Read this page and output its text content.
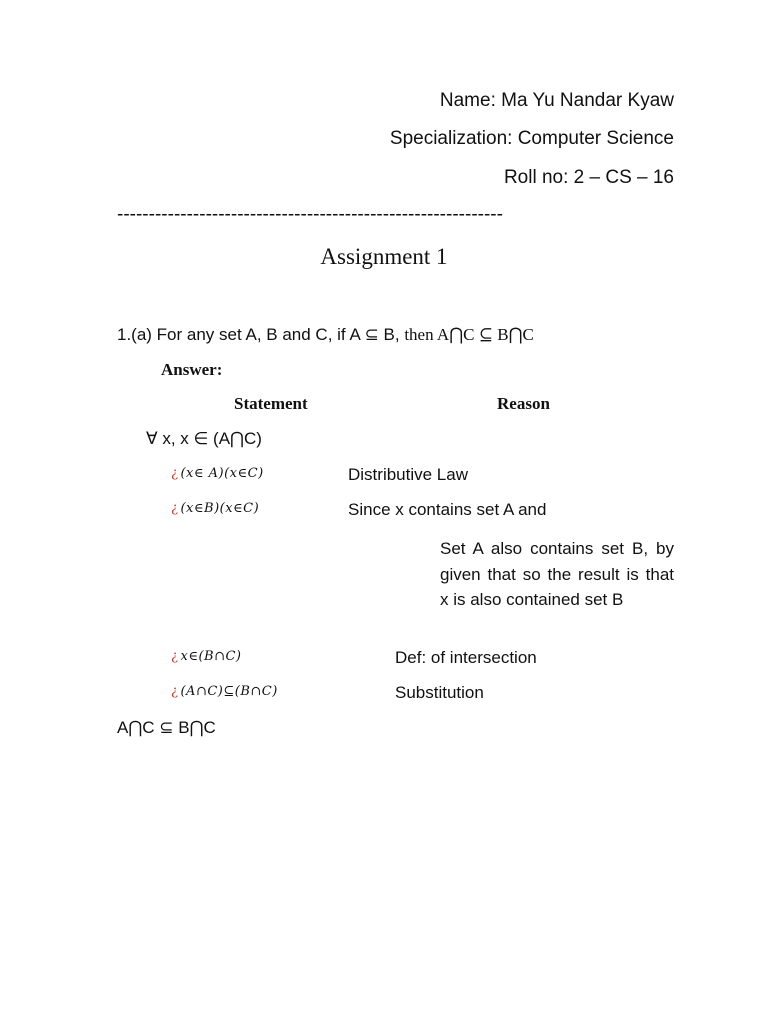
Name: Ma Yu Nandar Kyaw
Specialization: Computer Science
Roll no: 2 – CS – 16
-------------------------------------------------------------
Assignment 1
1.(a) For any set A, B and C, if A ⊆ B, then A⋂C ⊆ B⋂C
Answer:
Statement	Reason
∀ x, x ∈ (A⋂C)
¿ (x∈ A)(x∈C)	Distributive Law
¿ (x∈B)(x∈C)	Since x contains set A and
Set A also contains set B, by given that so the result is that x is also contained set B
¿ x∈(B∩C)	Def: of intersection
¿ (A∩C)⊆(B∩C)	Substitution
A⋂C ⊆ B⋂C
